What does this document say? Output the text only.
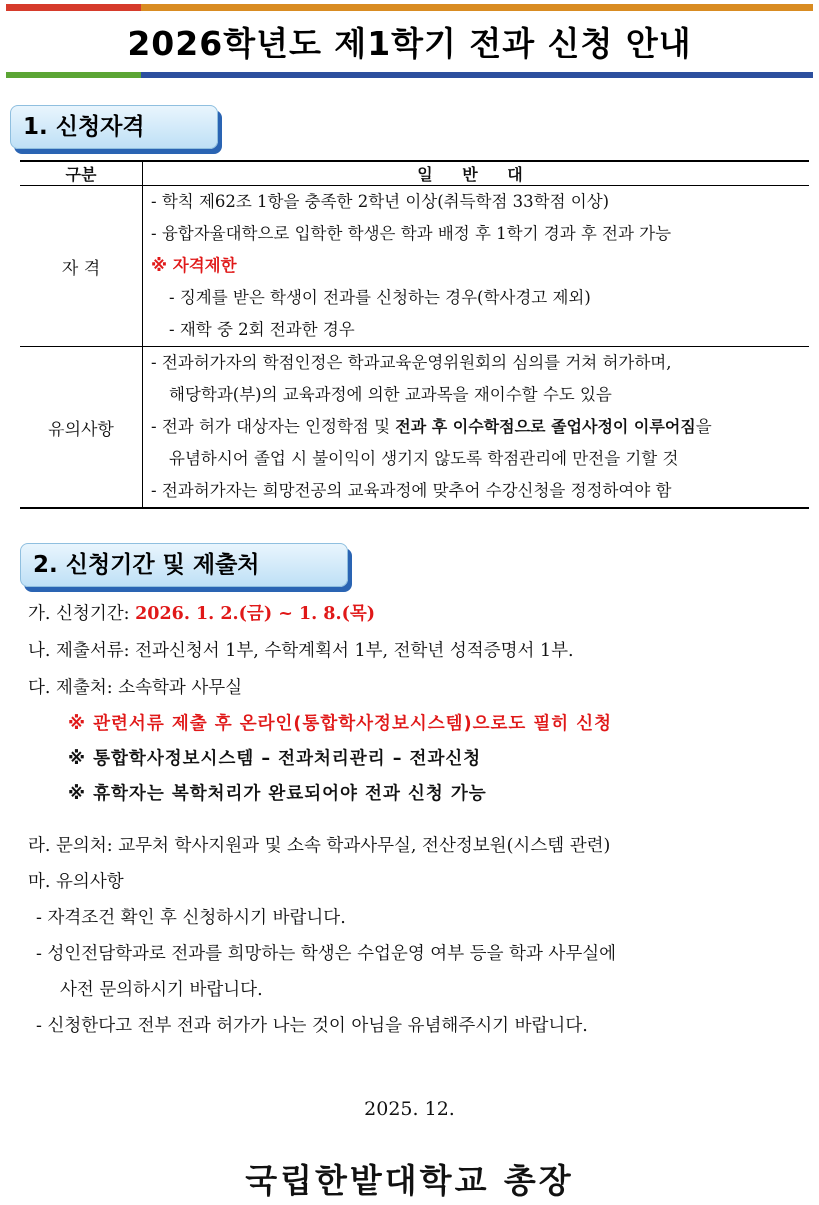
2026학년도 제1학기 전과 신청 안내
1. 신청자격
구분	일 반 대
자 격	- 학칙 제62조 1항을 충족한 2학년 이상(취득학점 33학점 이상)
- 융합자율대학으로 입학한 학생은 학과 배정 후 1학기 경과 후 전과 가능
※ 자격제한
- 징계를 받은 학생이 전과를 신청하는 경우(학사경고 제외)
- 재학 중 2회 전과한 경우

유의사항	- 전과허가자의 학점인정은 학과교육운영위원회의 심의를 거쳐 허가하며,
해당학과(부)의 교육과정에 의한 교과목을 재이수할 수도 있음
- 전과 허가 대상자는 인정학점 및 전과 후 이수학점으로 졸업사정이 이루어짐을
유념하시어 졸업 시 불이익이 생기지 않도록 학점관리에 만전을 기할 것
- 전과허가자는 희망전공의 교육과정에 맞추어 수강신청을 정정하여야 함
2. 신청기간 및 제출처
가. 신청기간: 2026. 1. 2.(금) ~ 1. 8.(목)
나. 제출서류: 전과신청서 1부, 수학계획서 1부, 전학년 성적증명서 1부.
다. 제출처: 소속학과 사무실
※ 관련서류 제출 후 온라인(통합학사정보시스템)으로도 필히 신청
※ 통합학사정보시스템 – 전과처리관리 – 전과신청
※ 휴학자는 복학처리가 완료되어야 전과 신청 가능
라. 문의처: 교무처 학사지원과 및 소속 학과사무실, 전산정보원(시스템 관련)
마. 유의사항
- 자격조건 확인 후 신청하시기 바랍니다.
- 성인전담학과로 전과를 희망하는 학생은 수업운영 여부 등을 학과 사무실에
사전 문의하시기 바랍니다.
- 신청한다고 전부 전과 허가가 나는 것이 아님을 유념해주시기 바랍니다.
2025. 12.
국립한밭대학교 총장
